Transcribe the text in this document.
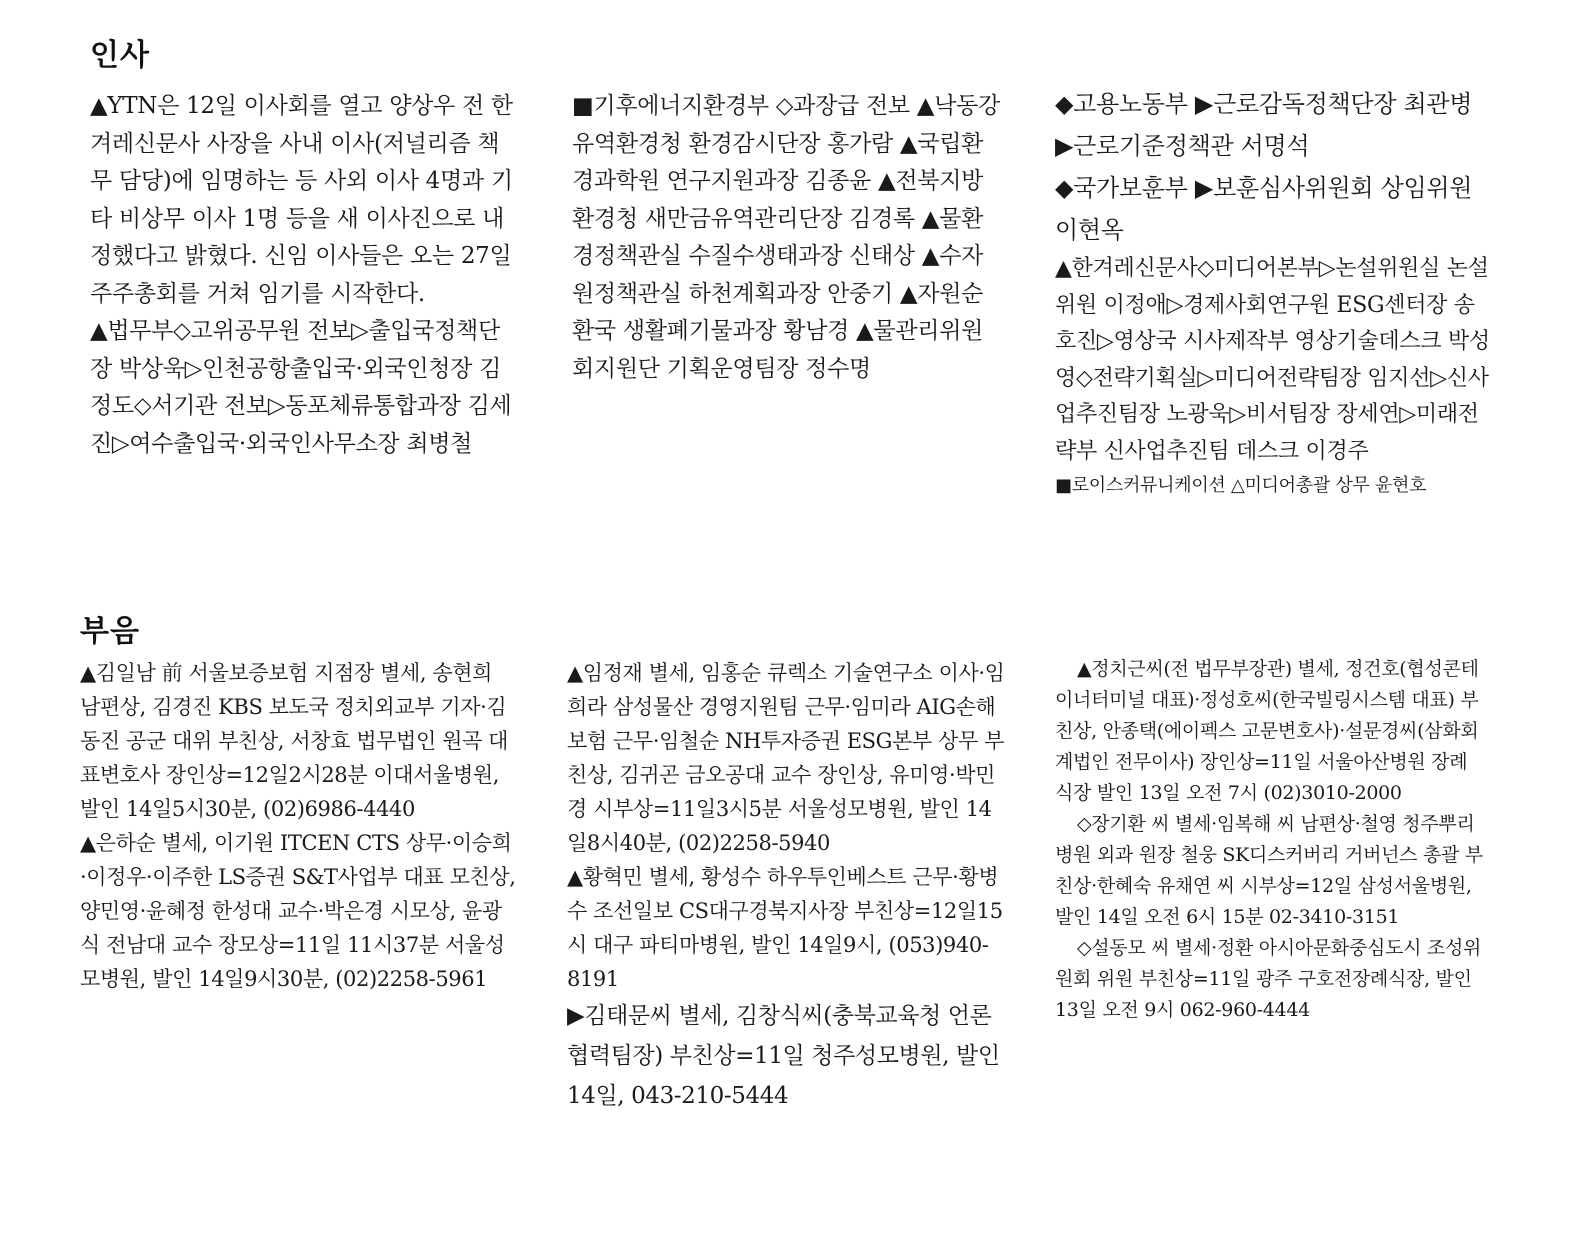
인사

▲YTN은 12일 이사회를 열고 양상우 전 한겨레신문사 사장을 사내 이사(저널리즘 책무 담당)에 임명하는 등 사외 이사 4명과 기타 비상무 이사 1명 등을 새 이사진으로 내정했다고 밝혔다. 신임 이사들은 오는 27일 주주총회를 거쳐 임기를 시작한다.

▲법무부◇고위공무원 전보▷출입국정책단장 박상욱▷인천공항출입국·외국인청장 김정도◇서기관 전보▷동포체류통합과장 김세진▷여수출입국·외국인사무소장 최병철

■기후에너지환경부 ◇과장급 전보 ▲낙동강유역환경청 환경감시단장 홍가람 ▲국립환경과학원 연구지원과장 김종윤 ▲전북지방환경청 새만금유역관리단장 김경록 ▲물환경정책관실 수질수생태과장 신태상 ▲수자원정책관실 하천계획과장 안중기 ▲자원순환국 생활폐기물과장 황남경 ▲물관리위원회지원단 기획운영팀장 정수명

◆고용노동부 ▶근로감독정책단장 최관병 ▶근로기준정책관 서명석

◆국가보훈부 ▶보훈심사위원회 상임위원 이현옥

▲한겨레신문사◇미디어본부▷논설위원실 논설위원 이정애▷경제사회연구원 ESG센터장 송호진▷영상국 시사제작부 영상기술데스크 박성영◇전략기획실▷미디어전략팀장 임지선▷신사업추진팀장 노광욱▷비서팀장 장세연▷미래전략부 신사업추진팀 데스크 이경주

■로이스커뮤니케이션 △미디어총괄 상무 윤현호

부음

▲김일남 前 서울보증보험 지점장 별세, 송현희 남편상, 김경진 KBS 보도국 정치외교부 기자·김동진 공군 대위 부친상, 서창효 법무법인 원곡 대표변호사 장인상=12일2시28분 이대서울병원, 발인 14일5시30분, (02)6986-4440

▲은하순 별세, 이기원 ITCEN CTS 상무·이승희·이정우·이주한 LS증권 S&T사업부 대표 모친상, 양민영·윤혜정 한성대 교수·박은경 시모상, 윤광식 전남대 교수 장모상=11일 11시37분 서울성모병원, 발인 14일9시30분, (02)2258-5961

▲임정재 별세, 임홍순 큐렉소 기술연구소 이사·임희라 삼성물산 경영지원팀 근무·임미라 AIG손해보험 근무·임철순 NH투자증권 ESG본부 상무 부친상, 김귀곤 금오공대 교수 장인상, 유미영·박민경 시부상=11일3시5분 서울성모병원, 발인 14일8시40분, (02)2258-5940

▲황혁민 별세, 황성수 하우투인베스트 근무·황병수 조선일보 CS대구경북지사장 부친상=12일15시 대구 파티마병원, 발인 14일9시, (053)940-8191

▶김태문씨 별세, 김창식씨(충북교육청 언론협력팀장) 부친상=11일 청주성모병원, 발인 14일, 043-210-5444

▲정치근씨(전 법무부장관) 별세, 정건호(협성콘테이너터미널 대표)·정성호씨(한국빌링시스템 대표) 부친상, 안종택(에이펙스 고문변호사)·설문경씨(삼화회계법인 전무이사) 장인상=11일 서울아산병원 장례식장 발인 13일 오전 7시 (02)3010-2000

◇장기환 씨 별세·임복해 씨 남편상·철영 청주뿌리병원 외과 원장 철웅 SK디스커버리 거버넌스 총괄 부친상·한혜숙 유채연 씨 시부상=12일 삼성서울병원, 발인 14일 오전 6시 15분 02-3410-3151

◇설동모 씨 별세·정환 아시아문화중심도시 조성위원회 위원 부친상=11일 광주 구호전장례식장, 발인 13일 오전 9시 062-960-4444
